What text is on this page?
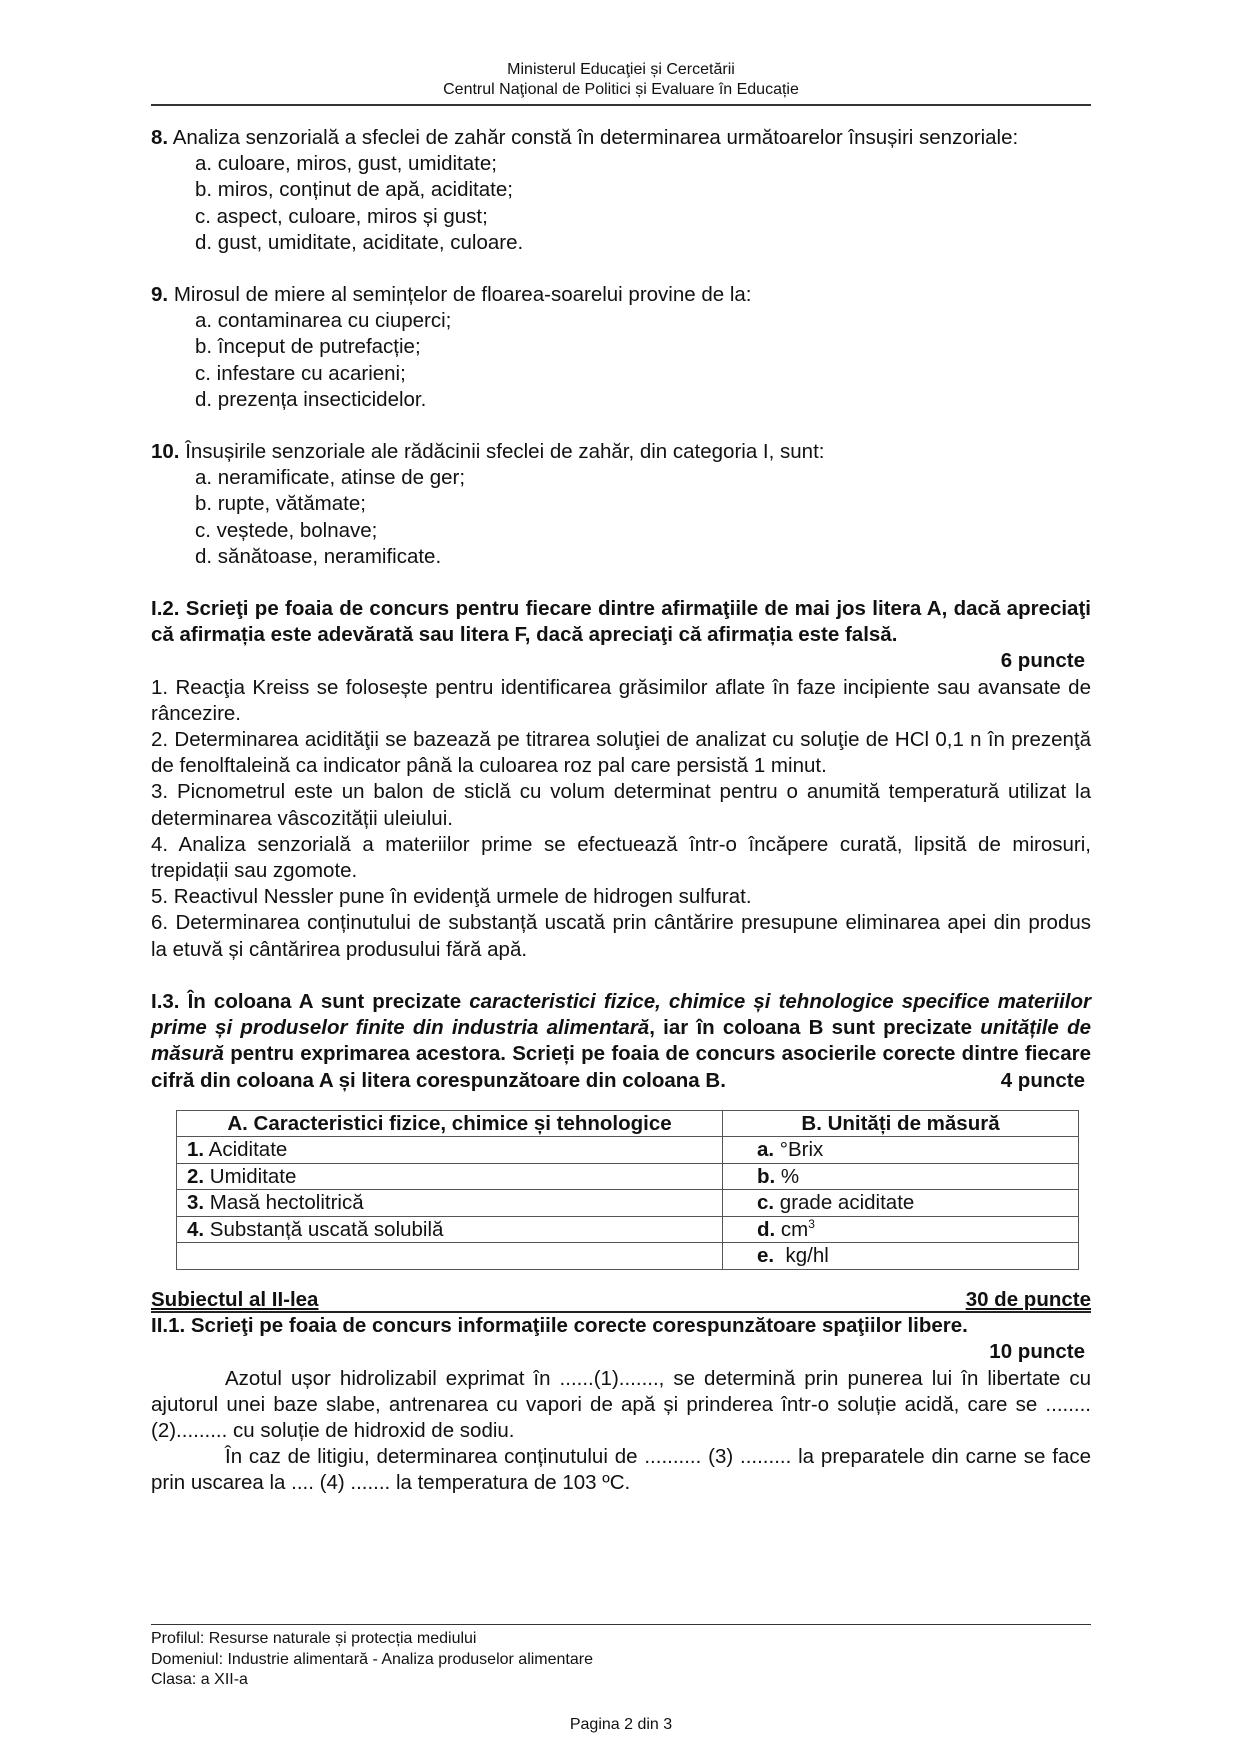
Ministerul Educaţiei și Cercetării
Centrul Naţional de Politici și Evaluare în Educație
8. Analiza senzorială a sfeclei de zahăr constă în determinarea următoarelor însușiri senzoriale:
a. culoare, miros, gust, umiditate;
b. miros, conținut de apă, aciditate;
c. aspect, culoare, miros și gust;
d. gust, umiditate, aciditate, culoare.
9. Mirosul de miere al semințelor de floarea-soarelui provine de la:
a. contaminarea cu ciuperci;
b. început de putrefacție;
c. infestare cu acarieni;
d. prezența insecticidelor.
10. Însușirile senzoriale ale rădăcinii sfeclei de zahăr, din categoria I, sunt:
a. neramificate, atinse de ger;
b. rupte, vătămate;
c. veștede, bolnave;
d. sănătoase, neramificate.
I.2. Scrieţi pe foaia de concurs pentru fiecare dintre afirmaţiile de mai jos litera A, dacă apreciaţi că afirmația este adevărată sau litera F, dacă apreciaţi că afirmația este falsă.
6 puncte
1. Reacţia Kreiss se folosește pentru identificarea grăsimilor aflate în faze incipiente sau avansate de râncezire.
2. Determinarea acidităţii se bazează pe titrarea soluţiei de analizat cu soluţie de HCl 0,1 n în prezenţă de fenolftaleină ca indicator până la culoarea roz pal care persistă 1 minut.
3. Picnometrul este un balon de sticlă cu volum determinat pentru o anumită temperatură utilizat la determinarea vâscozității uleiului.
4. Analiza senzorială a materiilor prime se efectuează într-o încăpere curată, lipsită de mirosuri, trepidații sau zgomote.
5. Reactivul Nessler pune în evidenţă urmele de hidrogen sulfurat.
6. Determinarea conținutului de substanță uscată prin cântărire presupune eliminarea apei din produs la etuvă și cântărirea produsului fără apă.
I.3. În coloana A sunt precizate caracteristici fizice, chimice și tehnologice specifice materiilor prime și produselor finite din industria alimentară, iar în coloana B sunt precizate unitățile de măsură pentru exprimarea acestora. Scrieți pe foaia de concurs asocierile corecte dintre fiecare cifră din coloana A și litera corespunzătoare din coloana B.	4 puncte
A. Caracteristici fizice, chimice și tehnologice	B. Unități de măsură
1. Aciditate	a. °Brix
2. Umiditate	b. %
3. Masă hectolitrică	c. grade aciditate
4. Substanță uscată solubilă	d. $cm^3$
	e.  kg/hl
Subiectul al II-lea	30 de puncte
II.1. Scrieţi pe foaia de concurs informaţiile corecte corespunzătoare spaţiilor libere.
10 puncte
Azotul ușor hidrolizabil exprimat în ......(1)......., se determină prin punerea lui în libertate cu ajutorul unei baze slabe, antrenarea cu vapori de apă și prinderea într-o soluție acidă, care se ........(2)......... cu soluție de hidroxid de sodiu.
În caz de litigiu, determinarea conținutului de .......... (3) ......... la preparatele din carne se face prin uscarea la .... (4) ....... la temperatura de 103 ºC.
Profilul: Resurse naturale și protecția mediului
Domeniul: Industrie alimentară - Analiza produselor alimentare
Clasa: a XII-a
Pagina 2 din 3
